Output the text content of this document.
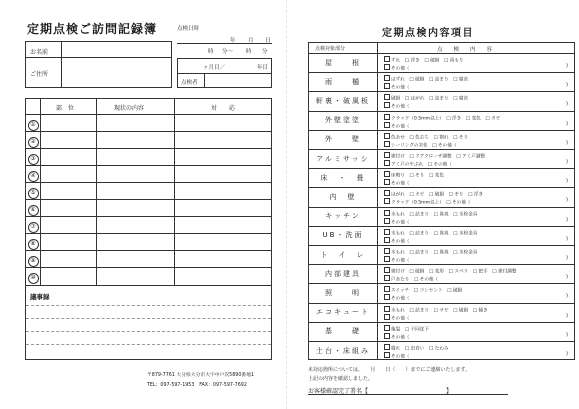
定期点検ご訪問記録簿	点検日時
年 月 日
時 分〜 時 分
お名前
ご住所
ヶ月目／	年目
点検者
部　位	現状の内容	対　　応
①
②
③
④
⑤
⑥
⑦
⑧
⑨
⑩
議事録
〒879-7761 大分県大分市大字中戸次5890番地1
TEL：097-597-1953　FAX：097-597-7692
定期点検内容項目
点検対象部分	点　　検　　内　　容
屋　　根	ずれ　□ 浮き　□ 破損　□ 雨もり
その他（	)
雨　　樋	はずれ　□ 破損　□ 詰まり　□ 腐食
その他（	)
軒裏・破風板	破損　□ はがれ　□ 詰まり　□ 腐食
その他（	)
外壁塗塗	クラック（0.5mm以上）　□ 浮き　□ 変色　□ カビ
その他（	)
外　　壁	色あせ　□ 色おち　□ 割れ　□ そり
シーリングの劣化　□ その他（	)
アルミサッシ	建付け　□ ドアクローザ調整　□ アミ戸調整
アミ戸のやぶれ　□ その他（	)
床　・　畳	床鳴り　□ そり　□ 変色
その他（	)
内　壁	はがれ　□ カビ　□ 破損　□ そり　□ 浮き
クラック（0.5mm以上）　□ その他（	)
キッチン	水もれ　□ 詰まり　□ 異臭　□ 水栓金具
その他（	)
UB・洗面	水もれ　□ 詰まり　□ 異臭　□ 水栓金具
その他（	)
ト　イ　レ	水もれ　□ 詰まり　□ 異臭　□ 水栓金具
その他（	)
内部建具	建付け　□ 破損　□ 変形　□ スベリ　□ 把手　□ 建付調整
戸あたり　□ その他（	)
照　　明	スイッチ　□ コンセント　□ 破損
その他（	)
エコキュート	水もれ　□ 詰まり　□ サビ　□ 破損　□ 傾き
その他（	)
基　　礎	亀裂　□ 不同沈下
その他（	)
土台・床組み	腐れ　□ 虫食い　□ たわみ
その他（	)
未対応箇所については、　　月　　日（　　）までにご連絡いたします。
上記の内容を確認しました。
お客様確認完了署名【　　　　　　　　　　　　　】
